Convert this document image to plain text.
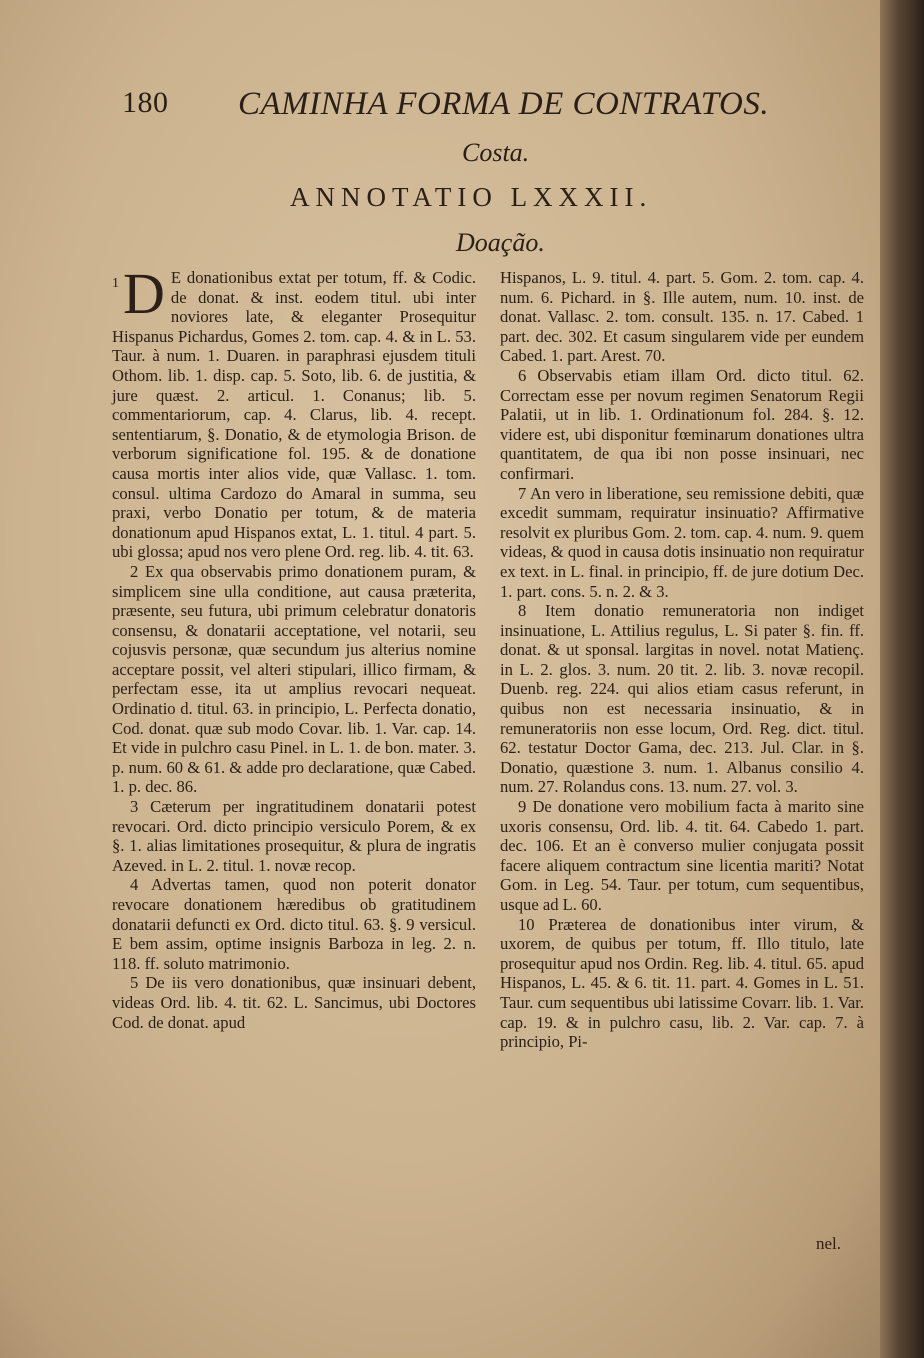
180 CAMINHA FORMA DE CONTRATOS.
Costa.
ANNOTATIO LXXXII.
Doação.

1 D E donationibus extat per totum, ff. & Codic. de donat. & inst. eodem titul. ubi inter noviores late, & eleganter Prosequitur Hispanus Pichardus, Gomes 2. tom. cap. 4. & in L. 53. Taur. à num. 1. Duaren. in paraphrasi ejusdem tituli Othom. lib. 1. disp. cap. 5. Soto, lib. 6. de justitia, & jure quæst. 2. articul. 1. Conanus; lib. 5. commentariorum, cap. 4. Clarus, lib. 4. recept. sententiarum, §. Donatio, & de etymologia Brison. de verborum significatione fol. 195. & de donatione causa mortis inter alios vide, quæ Vallasc. 1. tom. consul. ultima Cardozo do Amaral in summa, seu praxi, verbo Donatio per totum, & de materia donationum apud Hispanos extat, L. 1. titul. 4 part. 5. ubi glossa; apud nos vero plene Ord. reg. lib. 4. tit. 63.

2 Ex qua observabis primo donationem puram, & simplicem sine ulla conditione, aut causa præterita, præsente, seu futura, ubi primum celebratur donatoris consensu, & donatarii acceptatione, vel notarii, seu cojusvis personæ, quæ secundum jus alterius nomine acceptare possit, vel alteri stipulari, illico firmam, & perfectam esse, ita ut amplius revocari nequeat. Ordinatio d. titul. 63. in principio, L. Perfecta donatio, Cod. donat. quæ sub modo Covar. lib. 1. Var. cap. 14. Et vide in pulchro casu Pinel. in L. 1. de bon. mater. 3. p. num. 60 & 61. & adde pro declaratione, quæ Cabed. 1. p. dec. 86.

3 Cæterum per ingratitudinem donatarii potest revocari. Ord. dicto principio versiculo Porem, & ex §. 1. alias limitationes prosequitur, & plura de ingratis Azeved. in L. 2. titul. 1. novæ recop.

4 Advertas tamen, quod non poterit donator revocare donationem hæredibus ob gratitudinem donatarii defuncti ex Ord. dicto titul. 63. §. 9 versicul. E bem assim, optime insignis Barboza in leg. 2. n. 118. ff. soluto matrimonio.

5 De iis vero donationibus, quæ insinuari debent, videas Ord. lib. 4. tit. 62. L. Sancimus, ubi Doctores Cod. de donat. apud

Hispanos, L. 9. titul. 4. part. 5. Gom. 2. tom. cap. 4. num. 6. Pichard. in §. Ille autem, num. 10. inst. de donat. Vallasc. 2. tom. consult. 135. n. 17. Cabed. 1 part. dec. 302. Et casum singularem vide per eundem Cabed. 1. part. Arest. 70.

6 Observabis etiam illam Ord. dicto titul. 62. Correctam esse per novum regimen Senatorum Regii Palatii, ut in lib. 1. Ordinationum fol. 284. §. 12. videre est, ubi disponitur fœminarum donationes ultra quantitatem, de qua ibi non posse insinuari, nec confirmari.

7 An vero in liberatione, seu remissione debiti, quæ excedit summam, requiratur insinuatio? Affirmative resolvit ex pluribus Gom. 2. tom. cap. 4. num. 9. quem videas, & quod in causa dotis insinuatio non requiratur ex text. in L. final. in principio, ff. de jure dotium Dec. 1. part. cons. 5. n. 2. & 3.

8 Item donatio remuneratoria non indiget insinuatione, L. Attilius regulus, L. Si pater §. fin. ff. donat. & ut sponsal. largitas in novel. notat Matienç. in L. 2. glos. 3. num. 20 tit. 2. lib. 3. novæ recopil. Duenb. reg. 224. qui alios etiam casus referunt, in quibus non est necessaria insinuatio, & in remuneratoriis non esse locum, Ord. Reg. dict. titul. 62. testatur Doctor Gama, dec. 213. Jul. Clar. in §. Donatio, quæstione 3. num. 1. Albanus consilio 4. num. 27. Rolandus cons. 13. num. 27. vol. 3.

9 De donatione vero mobilium facta à marito sine uxoris consensu, Ord. lib. 4. tit. 64. Cabedo 1. part. dec. 106. Et an è converso mulier conjugata possit facere aliquem contractum sine licentia mariti? Notat Gom. in Leg. 54. Taur. per totum, cum sequentibus, usque ad L. 60.

10 Præterea de donationibus inter virum, & uxorem, de quibus per totum, ff. Illo titulo, late prosequitur apud nos Ordin. Reg. lib. 4. titul. 65. apud Hispanos, L. 45. & 6. tit. 11. part. 4. Gomes in L. 51. Taur. cum sequentibus ubi latissime Covarr. lib. 1. Var. cap. 19. & in pulchro casu, lib. 2. Var. cap. 7. à principio, Pi-

nel.
